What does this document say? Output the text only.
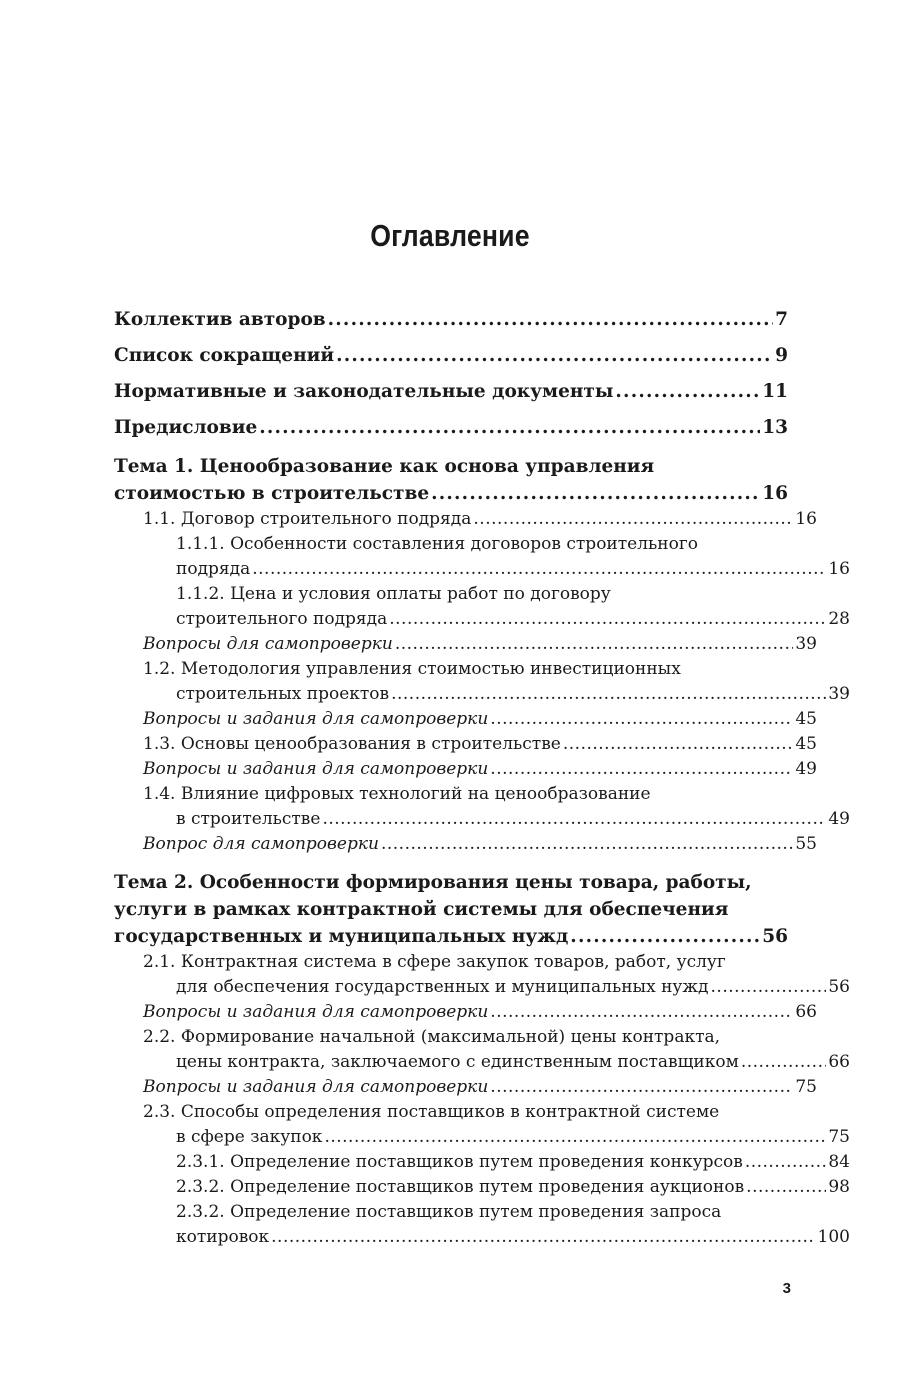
Оглавление
Коллектив авторов .....	7
Список сокращений .....	9
Нормативные и законодательные документы .....	11
Предисловие .....	13
Тема 1. Ценообразование как основа управления
стоимостью в строительстве .....	16
1.1. Договор строительного подряда .....	16
1.1.1. Особенности составления договоров строительного
подряда .....	16
1.1.2. Цена и условия оплаты работ по договору
строительного подряда .....	28
Вопросы для самопроверки .....	39
1.2. Методология управления стоимостью инвестиционных
строительных проектов .....	39
Вопросы и задания для самопроверки .....	45
1.3. Основы ценообразования в строительстве .....	45
Вопросы и задания для самопроверки .....	49
1.4. Влияние цифровых технологий на ценообразование
в строительстве .....	49
Вопрос для самопроверки .....	55
Тема 2. Особенности формирования цены товара, работы,
услуги в рамках контрактной системы для обеспечения
государственных и муниципальных нужд .....	56
2.1. Контрактная система в сфере закупок товаров, работ, услуг
для обеспечения государственных и муниципальных нужд .....	56
Вопросы и задания для самопроверки .....	66
2.2. Формирование начальной (максимальной) цены контракта,
цены контракта, заключаемого с единственным поставщиком .....	66
Вопросы и задания для самопроверки .....	75
2.3. Способы определения поставщиков в контрактной системе
в сфере закупок .....	75
2.3.1. Определение поставщиков путем проведения конкурсов .....	84
2.3.2. Определение поставщиков путем проведения аукционов .....	98
2.3.2. Определение поставщиков путем проведения запроса
котировок .....	100
3
